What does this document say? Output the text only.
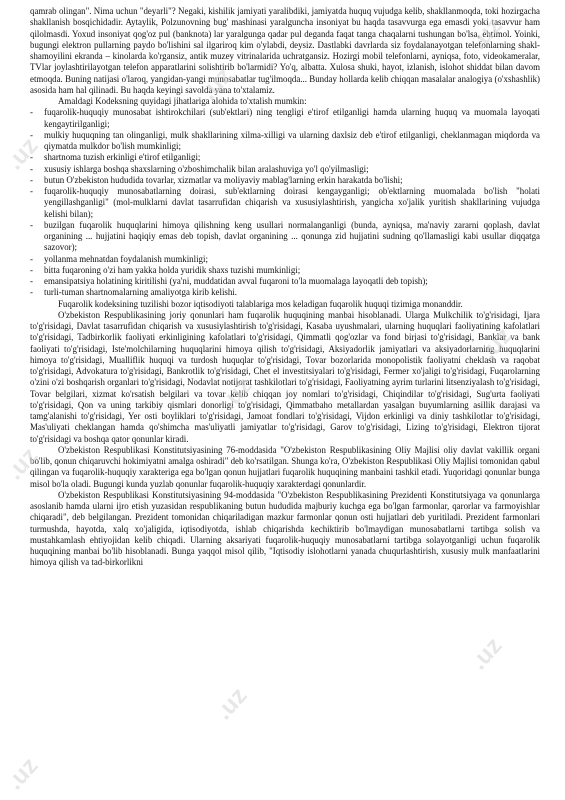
qamrab olingan". Nima uchun "deyarli"? Negaki, kishilik jamiyati yaralibdiki, jamiyatda huquq vujudga kelib, shakllanmoqda, toki hozirgacha shakllanish bosqichidadir. Aytaylik, Polzunovning bug' mashinasi yaralguncha insoniyat bu haqda tasavvurga ega emasdi yoki tasavvur ham qilolmasdi. Yoxud insoniyat qog'oz pul (banknota) lar yaralgunga qadar pul deganda faqat tanga chaqalarni tushungan bo'lsa, ehtimol. Yoinki, bugungi elektron pullarning paydo bo'lishini sal ilgariroq kim o'ylabdi, deysiz. Dastlabki davrlarda siz foydalanayotgan telefonlarning shakl-shamoyilini ekranda – kinolarda ko'rgansiz, antik muzey vitrinalarida uchratgansiz. Hozirgi mobil telefonlarni, ayniqsa, foto, videokameralar, TVlar joylashtirilayotgan telefon apparatlarini solishtirib bo'larmidi? Yo'q, albatta. Xulosa shuki, hayot, izlanish, islohot shiddat bilan davom etmoqda. Buning natijasi o'laroq, yangidan-yangi munosabatlar tug'ilmoqda... Bunday hollarda kelib chiqqan masalalar analogiya (o'xshashlik) asosida ham hal qilinadi. Bu haqda keyingi savolda yana to'xtalamiz.

Amaldagi Kodeksning quyidagi jihatlariga alohida to'xtalish mumkin:

- fuqarolik-huquqiy munosabat ishtirokchilari (sub'ektlari) ning tengligi e'tirof etilganligi hamda ularning huquq va muomala layoqati kengaytirilganligi;
- mulkiy huquqning tan olinganligi, mulk shakllarining xilma-xilligi va ularning daxlsiz deb e'tirof etilganligi, cheklanmagan miqdorda va qiymatda mulkdor bo'lish mumkinligi;
- shartnoma tuzish erkinligi e'tirof etilganligi;
- xususiy ishlarga boshqa shaxslarning o'zboshimchalik bilan aralashuviga yo'l qo'yilmasligi;
- butun O'zbekiston hududida tovarlar, xizmatlar va moliyaviy mablag'larning erkin harakatda bo'lishi;
- fuqarolik-huquqiy munosabatlarning doirasi, sub'ektlarning doirasi kengayganligi; ob'ektlarning muomalada bo'lish "holati yengillashganligi" (mol-mulklarni davlat tasarrufidan chiqarish va xususiylashtirish, yangicha xo'jalik yuritish shakllarining vujudga kelishi bilan);
- buzilgan fuqarolik huquqlarini himoya qilishning keng usullari normalanganligi (bunda, ayniqsa, ma'naviy zararni qoplash, davlat organining ... hujjatini haqiqiy emas deb topish, davlat organining ... qonunga zid hujjatini sudning qo'llamasligi kabi usullar diqqatga sazovor);
- yollanma mehnatdan foydalanish mumkinligi;
- bitta fuqaroning o'zi ham yakka holda yuridik shaxs tuzishi mumkinligi;
- emansipatsiya holatining kiritilishi (ya'ni, muddatidan avval fuqaroni to'la muomalaga layoqatli deb topish);
- turli-tuman shartnomalarning amaliyotga kirib kelishi.

Fuqarolik kodeksining tuzilishi bozor iqtisodiyoti talablariga mos keladigan fuqarolik huquqi tizimiga monanddir.

O'zbekiston Respublikasining joriy qonunlari ham fuqarolik huquqining manbai hisoblanadi. Ularga Mulkchilik to'g'risidagi, Ijara to'g'risidagi, Davlat tasarrufidan chiqarish va xususiylashtirish to'g'risidagi, Kasaba uyushmalari, ularning huquqlari faoliyatining kafolatlari to'g'risidagi, Tadbirkorlik faoliyati erkinligining kafolatlari to'g'risidagi, Qimmatli qog'ozlar va fond birjasi to'g'risidagi, Banklar va bank faoliyati to'g'risidagi, Iste'molchilarning huquqlarini himoya qilish to'g'risidagi, Aksiyadorlik jamiyatlari va aksiyadorlarning huquqlarini himoya to'g'risidagi, Mualliflik huquqi va turdosh huquqlar to'g'risidagi, Tovar bozorlarida monopolistik faoliyatni cheklash va raqobat to'g'risidagi, Advokatura to'g'risidagi, Bankrotlik to'g'risidagi, Chet el investitsiyalari to'g'risidagi, Fermer xo'jaligi to'g'risidagi, Fuqarolarning o'zini o'zi boshqarish organlari to'g'risidagi, Nodavlat notijorat tashkilotlari to'g'risidagi, Faoliyatning ayrim turlarini litsenziyalash to'g'risidagi, Tovar belgilari, xizmat ko'rsatish belgilari va tovar kelib chiqqan joy nomlari to'g'risidagi, Chiqindilar to'g'risidagi, Sug'urta faoliyati to'g'risidagi, Qon va uning tarkibiy qismlari donorligi to'g'risidagi, Qimmatbaho metallardan yasalgan buyumlarning asillik darajasi va tamg'alanishi to'g'risidagi, Yer osti boyliklari to'g'risidagi, Jamoat fondlari to'g'risidagi, Vijdon erkinligi va diniy tashkilotlar to'g'risidagi, Mas'uliyati cheklangan hamda qo'shimcha mas'uliyatli jamiyatlar to'g'risidagi, Garov to'g'risidagi, Lizing to'g'risidagi, Elektron tijorat to'g'risidagi va boshqa qator qonunlar kiradi.

O'zbekiston Respublikasi Konstitutsiyasining 76-moddasida "O'zbekiston Respublikasining Oliy Majlisi oliy davlat vakillik organi bo'lib, qonun chiqaruvchi hokimiyatni amalga oshiradi" deb ko'rsatilgan. Shunga ko'ra, O'zbekiston Respublikasi Oliy Majlisi tomonidan qabul qilingan va fuqarolik-huquqiy xarakteriga ega bo'lgan qonun hujjatlari fuqarolik huquqining manbaini tashkil etadi. Yuqoridagi qonunlar bunga misol bo'la oladi. Bugungi kunda yuzlab qonunlar fuqarolik-huquqiy xarakterdagi qonunlardir.

O'zbekiston Respublikasi Konstitutsiyasining 94-moddasida "O'zbekiston Respublikasining Prezidenti Konstitutsiyaga va qonunlarga asoslanib hamda ularni ijro etish yuzasidan respublikaning butun hududida majburiy kuchga ega bo'lgan farmonlar, qarorlar va farmoyishlar chiqaradi", deb belgilangan. Prezident tomonidan chiqariladigan mazkur farmonlar qonun osti hujjatlari deb yuritiladi. Prezident farmonlari turmushda, hayotda, xalq xo'jaligida, iqtisodiyotda, ishlab chiqarishda kechiktirib bo'lmaydigan munosabatlarni tartibga solish va mustahkamlash ehtiyojidan kelib chiqadi. Ularning aksariyati fuqarolik-huquqiy munosabatlarni tartibga solayotganligi uchun fuqarolik huquqining manbai bo'lib hisoblanadi. Bunga yaqqol misol qilib, "Iqtisodiy islohotlarni yanada chuqurlashtirish, xususiy mulk manfaatlarini himoya qilish va tad-birkorlikni

.uz
.uz
.uz
.uz
.uz
.uz
.uz
.uz
.uz
